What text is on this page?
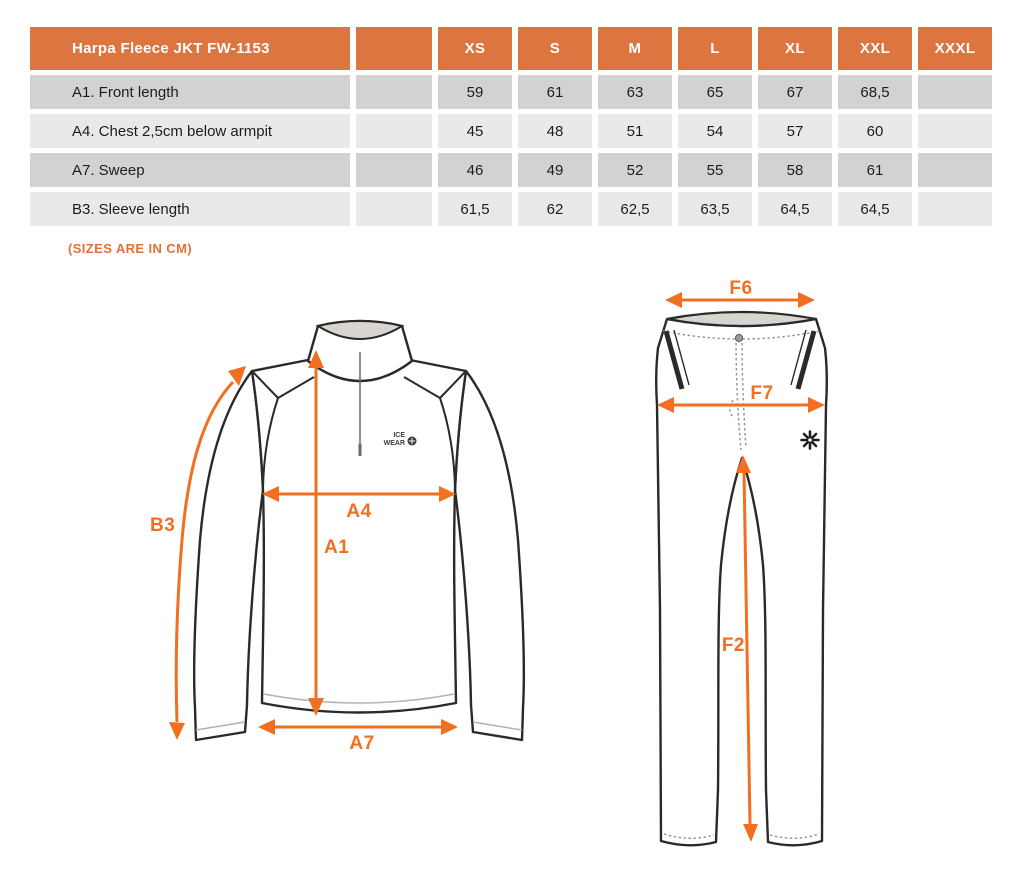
Harpa Fleece JKT FW-1153		XS	S	M	L	XL	XXL	XXXL
A1. Front length		59	61	63	65	67	68,5	
A4. Chest 2,5cm below armpit		45	48	51	54	57	60	
A7. Sweep		46	49	52	55	58	61	
B3. Sleeve length		61,5	62	62,5	63,5	64,5	64,5	
(SIZES ARE IN CM)
ICE
WEAR
B3
A4
A1
A7
F6
F7
F2
